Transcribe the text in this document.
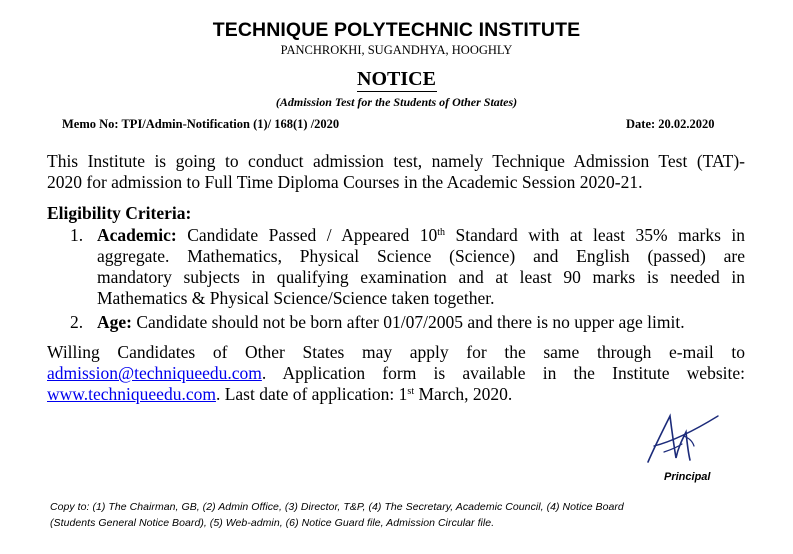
TECHNIQUE POLYTECHNIC INSTITUTE
PANCHROKHI, SUGANDHYA, HOOGHLY
NOTICE
(Admission Test for the Students of Other States)
Memo No: TPI/Admin-Notification (1)/ 168(1) /2020	Date: 20.02.2020
This Institute is going to conduct admission test, namely Technique Admission Test (TAT)-
2020 for admission to Full Time Diploma Courses in the Academic Session 2020-21.
Eligibility Criteria:
1. Academic: Candidate Passed / Appeared 10th Standard with at least 35% marks in
aggregate. Mathematics, Physical Science (Science) and English (passed) are
mandatory subjects in qualifying examination and at least 90 marks is needed in
Mathematics & Physical Science/Science taken together.
2. Age: Candidate should not be born after 01/07/2005 and there is no upper age limit.
Willing Candidates of Other States may apply for the same through e-mail to
admission@techniqueedu.com. Application form is available in the Institute website:
www.techniqueedu.com. Last date of application: 1st March, 2020.
Principal
Copy to: (1) The Chairman, GB, (2) Admin Office, (3) Director, T&P, (4) The Secretary, Academic Council, (4) Notice Board
(Students General Notice Board), (5) Web-admin, (6) Notice Guard file, Admission Circular file.
